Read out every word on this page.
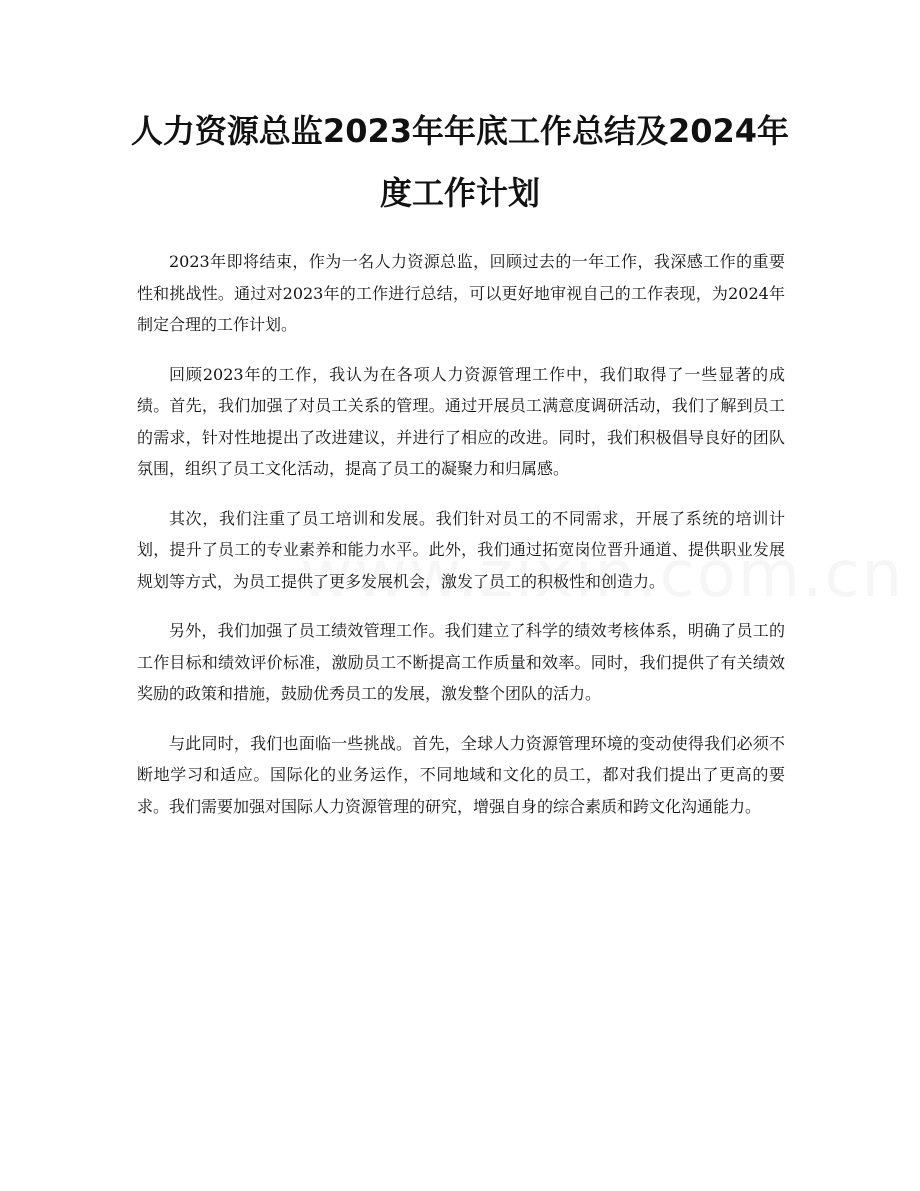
人力资源总监2023年年底工作总结及2024年度工作计划

2023年即将结束，作为一名人力资源总监，回顾过去的一年工作，我深感工作的重要性和挑战性。通过对2023年的工作进行总结，可以更好地审视自己的工作表现，为2024年制定合理的工作计划。

回顾2023年的工作，我认为在各项人力资源管理工作中，我们取得了一些显著的成绩。首先，我们加强了对员工关系的管理。通过开展员工满意度调研活动，我们了解到员工的需求，针对性地提出了改进建议，并进行了相应的改进。同时，我们积极倡导良好的团队氛围，组织了员工文化活动，提高了员工的凝聚力和归属感。

其次，我们注重了员工培训和发展。我们针对员工的不同需求，开展了系统的培训计划，提升了员工的专业素养和能力水平。此外，我们通过拓宽岗位晋升通道、提供职业发展规划等方式，为员工提供了更多发展机会，激发了员工的积极性和创造力。

另外，我们加强了员工绩效管理工作。我们建立了科学的绩效考核体系，明确了员工的工作目标和绩效评价标准，激励员工不断提高工作质量和效率。同时，我们提供了有关绩效奖励的政策和措施，鼓励优秀员工的发展，激发整个团队的活力。

与此同时，我们也面临一些挑战。首先，全球人力资源管理环境的变动使得我们必须不断地学习和适应。国际化的业务运作，不同地域和文化的员工，都对我们提出了更高的要求。我们需要加强对国际人力资源管理的研究，增强自身的综合素质和跨文化沟通能力。
